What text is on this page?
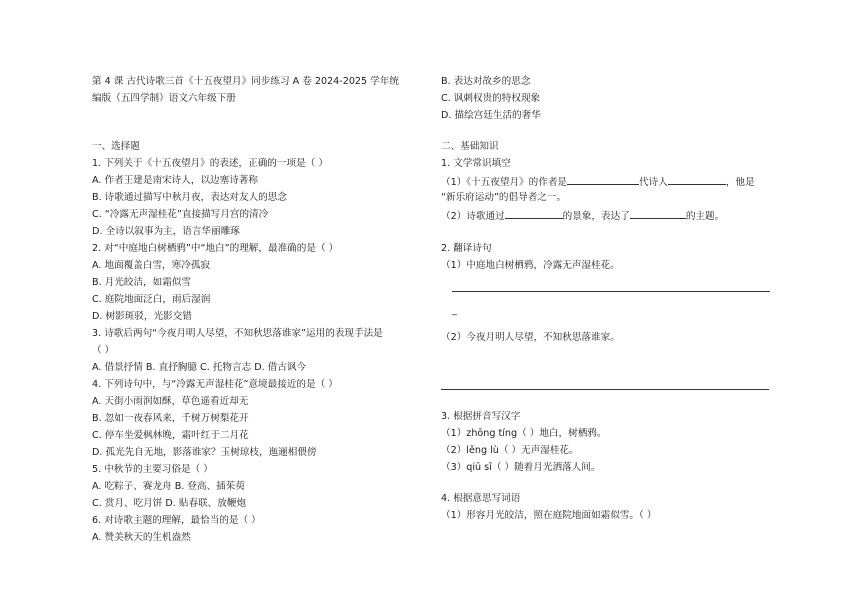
第 4 课 古代诗歌三首《十五夜望月》同步练习 A 卷 2024-2025 学年统
编版（五四学制）语文六年级下册
一、选择题
1. 下列关于《十五夜望月》的表述，正确的一项是（ ）
A. 作者王建是南宋诗人，以边塞诗著称
B. 诗歌通过描写中秋月夜，表达对友人的思念
C. “冷露无声湿桂花”直接描写月宫的清冷
D. 全诗以叙事为主，语言华丽雕琢
2. 对“中庭地白树栖鸦”中“地白”的理解，最准确的是（ ）
A. 地面覆盖白雪，寒冷孤寂
B. 月光皎洁，如霜似雪
C. 庭院地面泛白，雨后湿润
D. 树影斑驳，光影交错
3. 诗歌后两句“今夜月明人尽望，不知秋思落谁家”运用的表现手法是
（ ）
A. 借景抒情 B. 直抒胸臆 C. 托物言志 D. 借古讽今
4. 下列诗句中，与“冷露无声湿桂花”意境最接近的是（ ）
A. 天街小雨润如酥，草色遥看近却无
B. 忽如一夜春风来，千树万树梨花开
C. 停车坐爱枫林晚，霜叶红于二月花
D. 孤光先自无地，影落谁家？玉树琼枝，迤逦相偎傍
5. 中秋节的主要习俗是（ ）
A. 吃粽子、赛龙舟 B. 登高、插茱萸
C. 赏月、吃月饼 D. 贴春联、放鞭炮
6. 对诗歌主题的理解，最恰当的是（ ）
A. 赞美秋天的生机盎然
B. 表达对故乡的思念
C. 讽刺权贵的特权现象
D. 描绘宫廷生活的奢华
二、基础知识
1. 文学常识填空
（1）《十五夜望月》的作者是	代诗人	，他是
“新乐府运动”的倡导者之一。
（2）诗歌通过	的景象，表达了	的主题。
2. 翻译诗句
（1）中庭地白树栖鸦，冷露无声湿桂花。
_
（2）今夜月明人尽望，不知秋思落谁家。
3. 根据拼音写汉字
（1）zhōng tíng（ ）地白，树栖鸦。
（2）lěng lù（ ）无声湿桂花。
（3）qiū sī（ ）随着月光洒落人间。
4. 根据意思写词语
（1）形容月光皎洁，照在庭院地面如霜似雪。（ ）
